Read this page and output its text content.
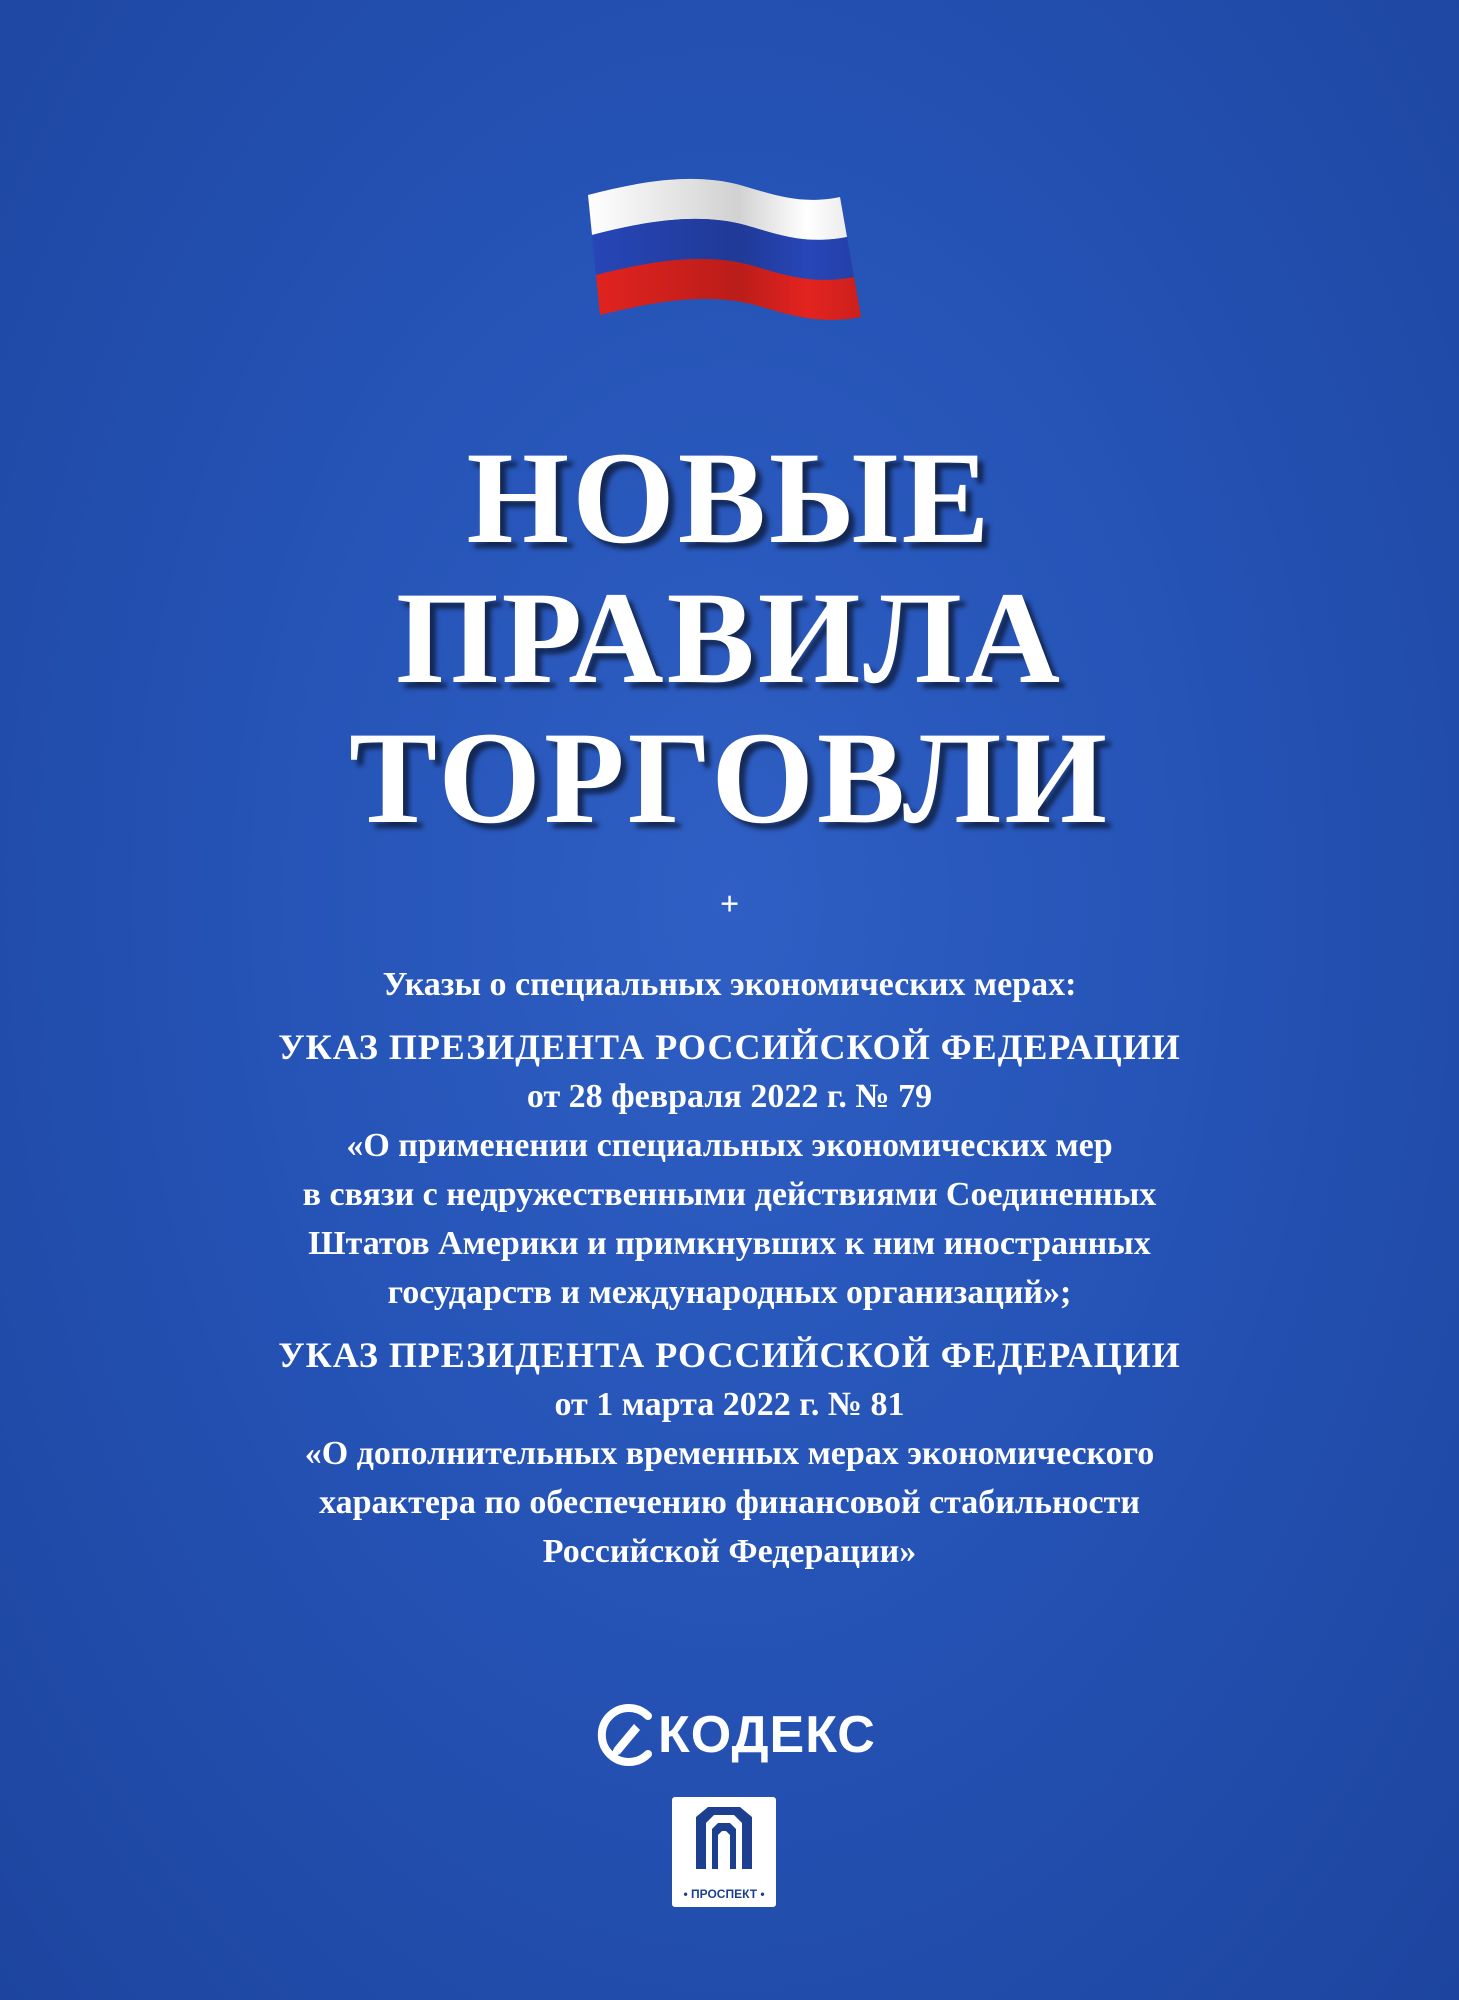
НОВЫЕ
ПРАВИЛА
ТОРГОВЛИ
+
Указы о специальных экономических мерах:
УКАЗ ПРЕЗИДЕНТА РОССИЙСКОЙ ФЕДЕРАЦИИ
от 28 февраля 2022 г. № 79
«О применении специальных экономических мер
в связи с недружественными действиями Соединенных
Штатов Америки и примкнувших к ним иностранных
государств и международных организаций»;
УКАЗ ПРЕЗИДЕНТА РОССИЙСКОЙ ФЕДЕРАЦИИ
от 1 марта 2022 г. № 81
«О дополнительных временных мерах экономического
характера по обеспечению финансовой стабильности
Российской Федерации»
КОДЕКС
• ПРОСПЕКТ •
